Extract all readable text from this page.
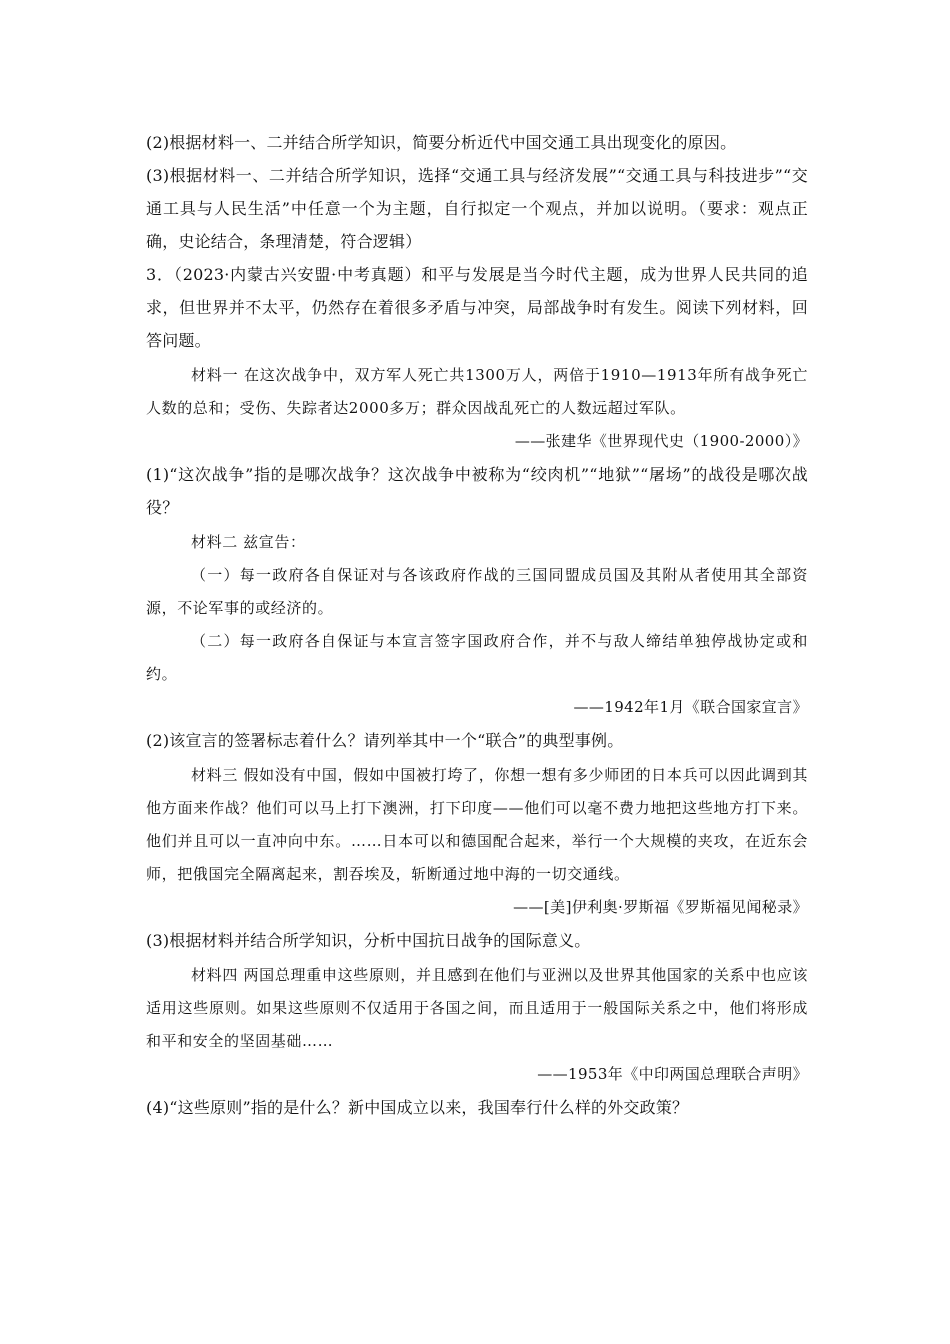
(2)根据材料一、二并结合所学知识，简要分析近代中国交通工具出现变化的原因。

(3)根据材料一、二并结合所学知识，选择“交通工具与经济发展”“交通工具与科技进步”“交通工具与人民生活”中任意一个为主题，自行拟定一个观点，并加以说明。（要求：观点正确，史论结合，条理清楚，符合逻辑）

3．（2023·内蒙古兴安盟·中考真题）和平与发展是当今时代主题，成为世界人民共同的追求，但世界并不太平，仍然存在着很多矛盾与冲突，局部战争时有发生。阅读下列材料，回答问题。

材料一 在这次战争中，双方军人死亡共1300万人，两倍于1910—1913年所有战争死亡人数的总和；受伤、失踪者达2000多万；群众因战乱死亡的人数远超过军队。

——张建华《世界现代史（1900-2000）》

(1)“这次战争”指的是哪次战争？这次战争中被称为“绞肉机”“地狱”“屠场”的战役是哪次战役？

材料二 兹宣告：

（一）每一政府各自保证对与各该政府作战的三国同盟成员国及其附从者使用其全部资源，不论军事的或经济的。

（二）每一政府各自保证与本宣言签字国政府合作，并不与敌人缔结单独停战协定或和约。

——1942年1月《联合国家宣言》

(2)该宣言的签署标志着什么？请列举其中一个“联合”的典型事例。

材料三 假如没有中国，假如中国被打垮了，你想一想有多少师团的日本兵可以因此调到其他方面来作战？他们可以马上打下澳洲，打下印度——他们可以毫不费力地把这些地方打下来。他们并且可以一直冲向中东。……日本可以和德国配合起来，举行一个大规模的夹攻，在近东会师，把俄国完全隔离起来，割吞埃及，斩断通过地中海的一切交通线。

——[美]伊利奥·罗斯福《罗斯福见闻秘录》

(3)根据材料并结合所学知识，分析中国抗日战争的国际意义。

材料四 两国总理重申这些原则，并且感到在他们与亚洲以及世界其他国家的关系中也应该适用这些原则。如果这些原则不仅适用于各国之间，而且适用于一般国际关系之中，他们将形成和平和安全的坚固基础……

——1953年《中印两国总理联合声明》

(4)“这些原则”指的是什么？新中国成立以来，我国奉行什么样的外交政策？
